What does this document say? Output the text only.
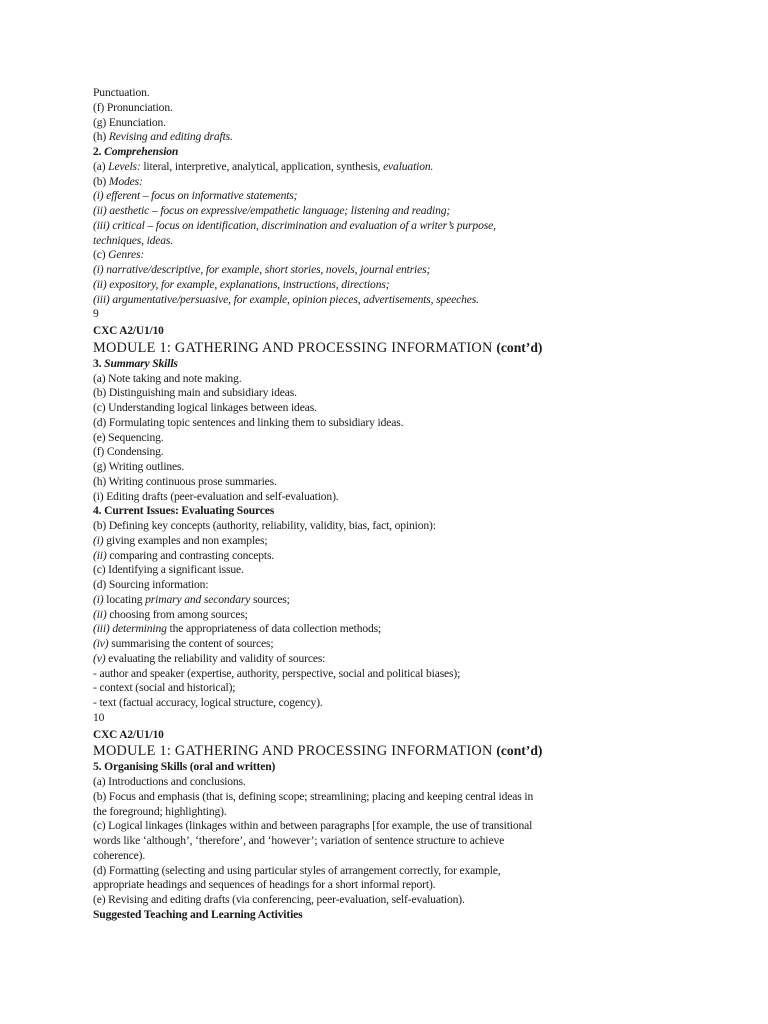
Punctuation.
(f) Pronunciation.
(g) Enunciation.
(h) Revising and editing drafts.
2. Comprehension
(a) Levels: literal, interpretive, analytical, application, synthesis, evaluation.
(b) Modes:
(i) efferent – focus on informative statements;
(ii) aesthetic – focus on expressive/empathetic language; listening and reading;
(iii) critical – focus on identification, discrimination and evaluation of a writer’s purpose,
techniques, ideas.
(c) Genres:
(i) narrative/descriptive, for example, short stories, novels, journal entries;
(ii) expository, for example, explanations, instructions, directions;
(iii) argumentative/persuasive, for example, opinion pieces, advertisements, speeches.
9
CXC A2/U1/10
MODULE 1: GATHERING AND PROCESSING INFORMATION (cont’d)
3. Summary Skills
(a) Note taking and note making.
(b) Distinguishing main and subsidiary ideas.
(c) Understanding logical linkages between ideas.
(d) Formulating topic sentences and linking them to subsidiary ideas.
(e) Sequencing.
(f) Condensing.
(g) Writing outlines.
(h) Writing continuous prose summaries.
(i) Editing drafts (peer-evaluation and self-evaluation).
4. Current Issues: Evaluating Sources
(b) Defining key concepts (authority, reliability, validity, bias, fact, opinion):
(i) giving examples and non examples;
(ii) comparing and contrasting concepts.
(c) Identifying a significant issue.
(d) Sourcing information:
(i) locating primary and secondary sources;
(ii) choosing from among sources;
(iii) determining the appropriateness of data collection methods;
(iv) summarising the content of sources;
(v) evaluating the reliability and validity of sources:
- author and speaker (expertise, authority, perspective, social and political biases);
- context (social and historical);
- text (factual accuracy, logical structure, cogency).
10
CXC A2/U1/10
MODULE 1: GATHERING AND PROCESSING INFORMATION (cont’d)
5. Organising Skills (oral and written)
(a) Introductions and conclusions.
(b) Focus and emphasis (that is, defining scope; streamlining; placing and keeping central ideas in
the foreground; highlighting).
(c) Logical linkages (linkages within and between paragraphs [for example, the use of transitional
words like ‘although’, ‘therefore’, and ‘however’; variation of sentence structure to achieve
coherence).
(d) Formatting (selecting and using particular styles of arrangement correctly, for example,
appropriate headings and sequences of headings for a short informal report).
(e) Revising and editing drafts (via conferencing, peer-evaluation, self-evaluation).
Suggested Teaching and Learning Activities
